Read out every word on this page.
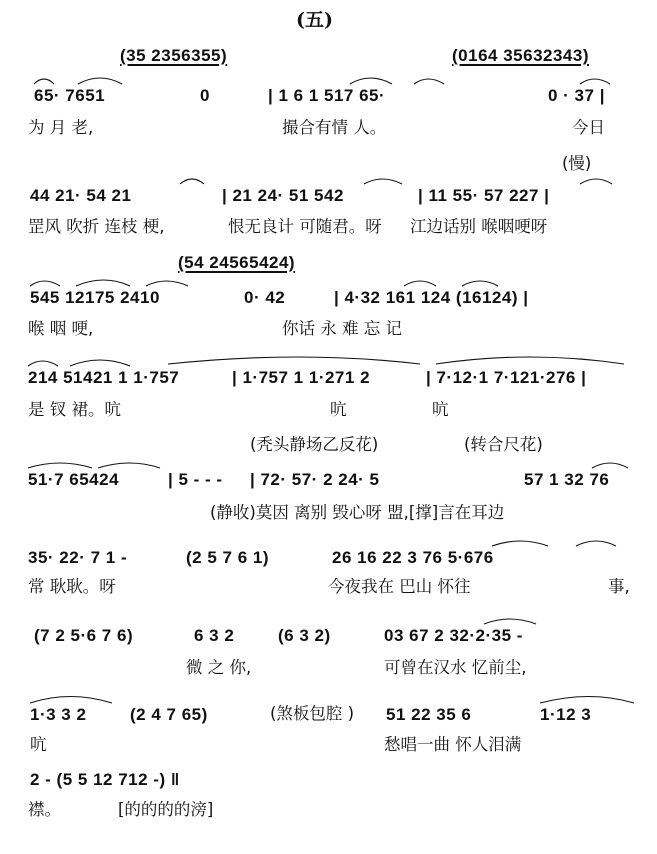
(五)
(35 2356355)	(0164 35632343)
65· 7651	0	| 1 6 1 517 65·	0 · 37 |
为 月 老,	撮合有情 人。	今日
(慢)
44 21· 54 21	| 21 24· 51 542	| 11 55· 57 227 |
罡风 吹折 连枝 梗,	恨无良计 可随君。呀 江边话别 喉咽哽呀
(54 24565424)
545 12175 2410	0· 42	| 4·32 161 124 (16124) |
喉 咽 哽,	你话 永 难 忘 记
214 51421 1 1·757	| 1·757 1 1·271 2	| 7·12·1 7·121·276 |
是 钗 裙。吭	吭	吭
(秃头静场乙反花)	(转合尺花)
51·7 65424	| 5 - - - | 72· 57· 2 24· 5	57 1 32 76
(静收)莫因 离别 毁心呀 盟,[撑]言在耳边
35· 22· 7 1 -	(2 5 7 6 1)	26 16 22 3 76 5·676
常 耿耿。呀	今夜我在 巴山 怀往	事,
(7 2 5·6 7 6)	6 3 2	(6 3 2)	03 67 2 32·2·35 -
微 之 你,	可曾在汉水 忆前尘,
1·3 3 2	(2 4 7 65)	(煞板包腔 ) 51 22 35 6	1·12 3
吭	愁唱一曲 怀人泪满
2 - (5 5 12 712 -) ‖
襟。	[的的的的滂]
